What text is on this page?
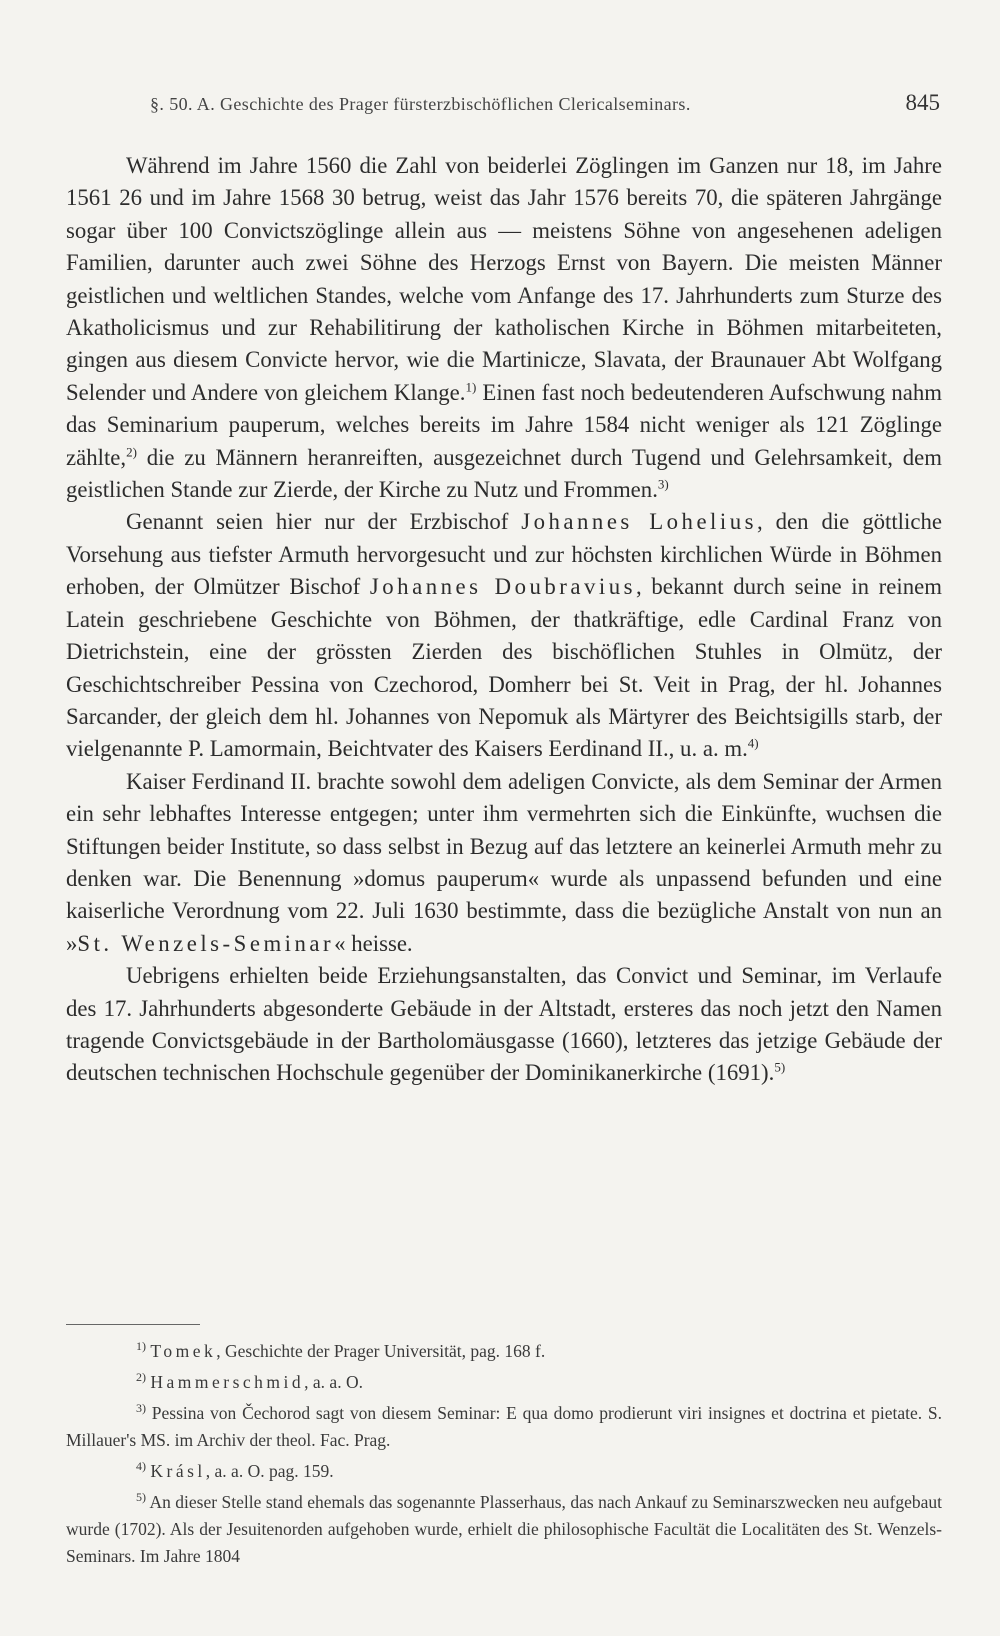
§. 50. A. Geschichte des Prager fürsterzbischöflichen Clericalseminars.	845

Während im Jahre 1560 die Zahl von beiderlei Zöglingen im Ganzen nur 18, im Jahre 1561 26 und im Jahre 1568 30 betrug, weist das Jahr 1576 bereits 70, die späteren Jahrgänge sogar über 100 Convictszöglinge allein aus — meistens Söhne von angesehenen adeligen Familien, darunter auch zwei Söhne des Herzogs Ernst von Bayern. Die meisten Männer geistlichen und weltlichen Standes, welche vom Anfange des 17. Jahrhunderts zum Sturze des Akatholicismus und zur Rehabilitirung der katholischen Kirche in Böhmen mitarbeiteten, gingen aus diesem Convicte hervor, wie die Martinicze, Slavata, der Braunauer Abt Wolfgang Selender und Andere von gleichem Klange.$^{1)}$ Einen fast noch bedeutenderen Aufschwung nahm das Seminarium pauperum, welches bereits im Jahre 1584 nicht weniger als 121 Zöglinge zählte,$^{2)}$ die zu Männern heranreiften, ausgezeichnet durch Tugend und Gelehrsamkeit, dem geistlichen Stande zur Zierde, der Kirche zu Nutz und Frommen.$^{3)}$

Genannt seien hier nur der Erzbischof Johannes Lohelius, den die göttliche Vorsehung aus tiefster Armuth hervorgesucht und zur höchsten kirchlichen Würde in Böhmen erhoben, der Olmützer Bischof Johannes Doubravius, bekannt durch seine in reinem Latein geschriebene Geschichte von Böhmen, der thatkräftige, edle Cardinal Franz von Dietrichstein, eine der grössten Zierden des bischöflichen Stuhles in Olmütz, der Geschichtschreiber Pessina von Czechorod, Domherr bei St. Veit in Prag, der hl. Johannes Sarcander, der gleich dem hl. Johannes von Nepomuk als Märtyrer des Beichtsigills starb, der vielgenannte P. Lamormain, Beichtvater des Kaisers Eerdinand II., u. a. m.$^{4)}$

Kaiser Ferdinand II. brachte sowohl dem adeligen Convicte, als dem Seminar der Armen ein sehr lebhaftes Interesse entgegen; unter ihm vermehrten sich die Einkünfte, wuchsen die Stiftungen beider Institute, so dass selbst in Bezug auf das letztere an keinerlei Armuth mehr zu denken war. Die Benennung »domus pauperum« wurde als unpassend befunden und eine kaiserliche Verordnung vom 22. Juli 1630 bestimmte, dass die bezügliche Anstalt von nun an »St. Wenzels-Seminar« heisse.

Uebrigens erhielten beide Erziehungsanstalten, das Convict und Seminar, im Verlaufe des 17. Jahrhunderts abgesonderte Gebäude in der Altstadt, ersteres das noch jetzt den Namen tragende Convictsgebäude in der Bartholomäusgasse (1660), letzteres das jetzige Gebäude der deutschen technischen Hochschule gegenüber der Dominikanerkirche (1691).$^{5)}$

$^{1)}$ Tomek, Geschichte der Prager Universität, pag. 168 f.

$^{2)}$ Hammerschmid, a. a. O.

$^{3)}$ Pessina von Čechorod sagt von diesem Seminar: E qua domo prodierunt viri insignes et doctrina et pietate. S. Millauer's MS. im Archiv der theol. Fac. Prag.

$^{4)}$ Krásl, a. a. O. pag. 159.

$^{5)}$ An dieser Stelle stand ehemals das sogenannte Plasserhaus, das nach Ankauf zu Seminarszwecken neu aufgebaut wurde (1702). Als der Jesuitenorden aufgehoben wurde, erhielt die philosophische Facultät die Localitäten des St. Wenzels-Seminars. Im Jahre 1804
